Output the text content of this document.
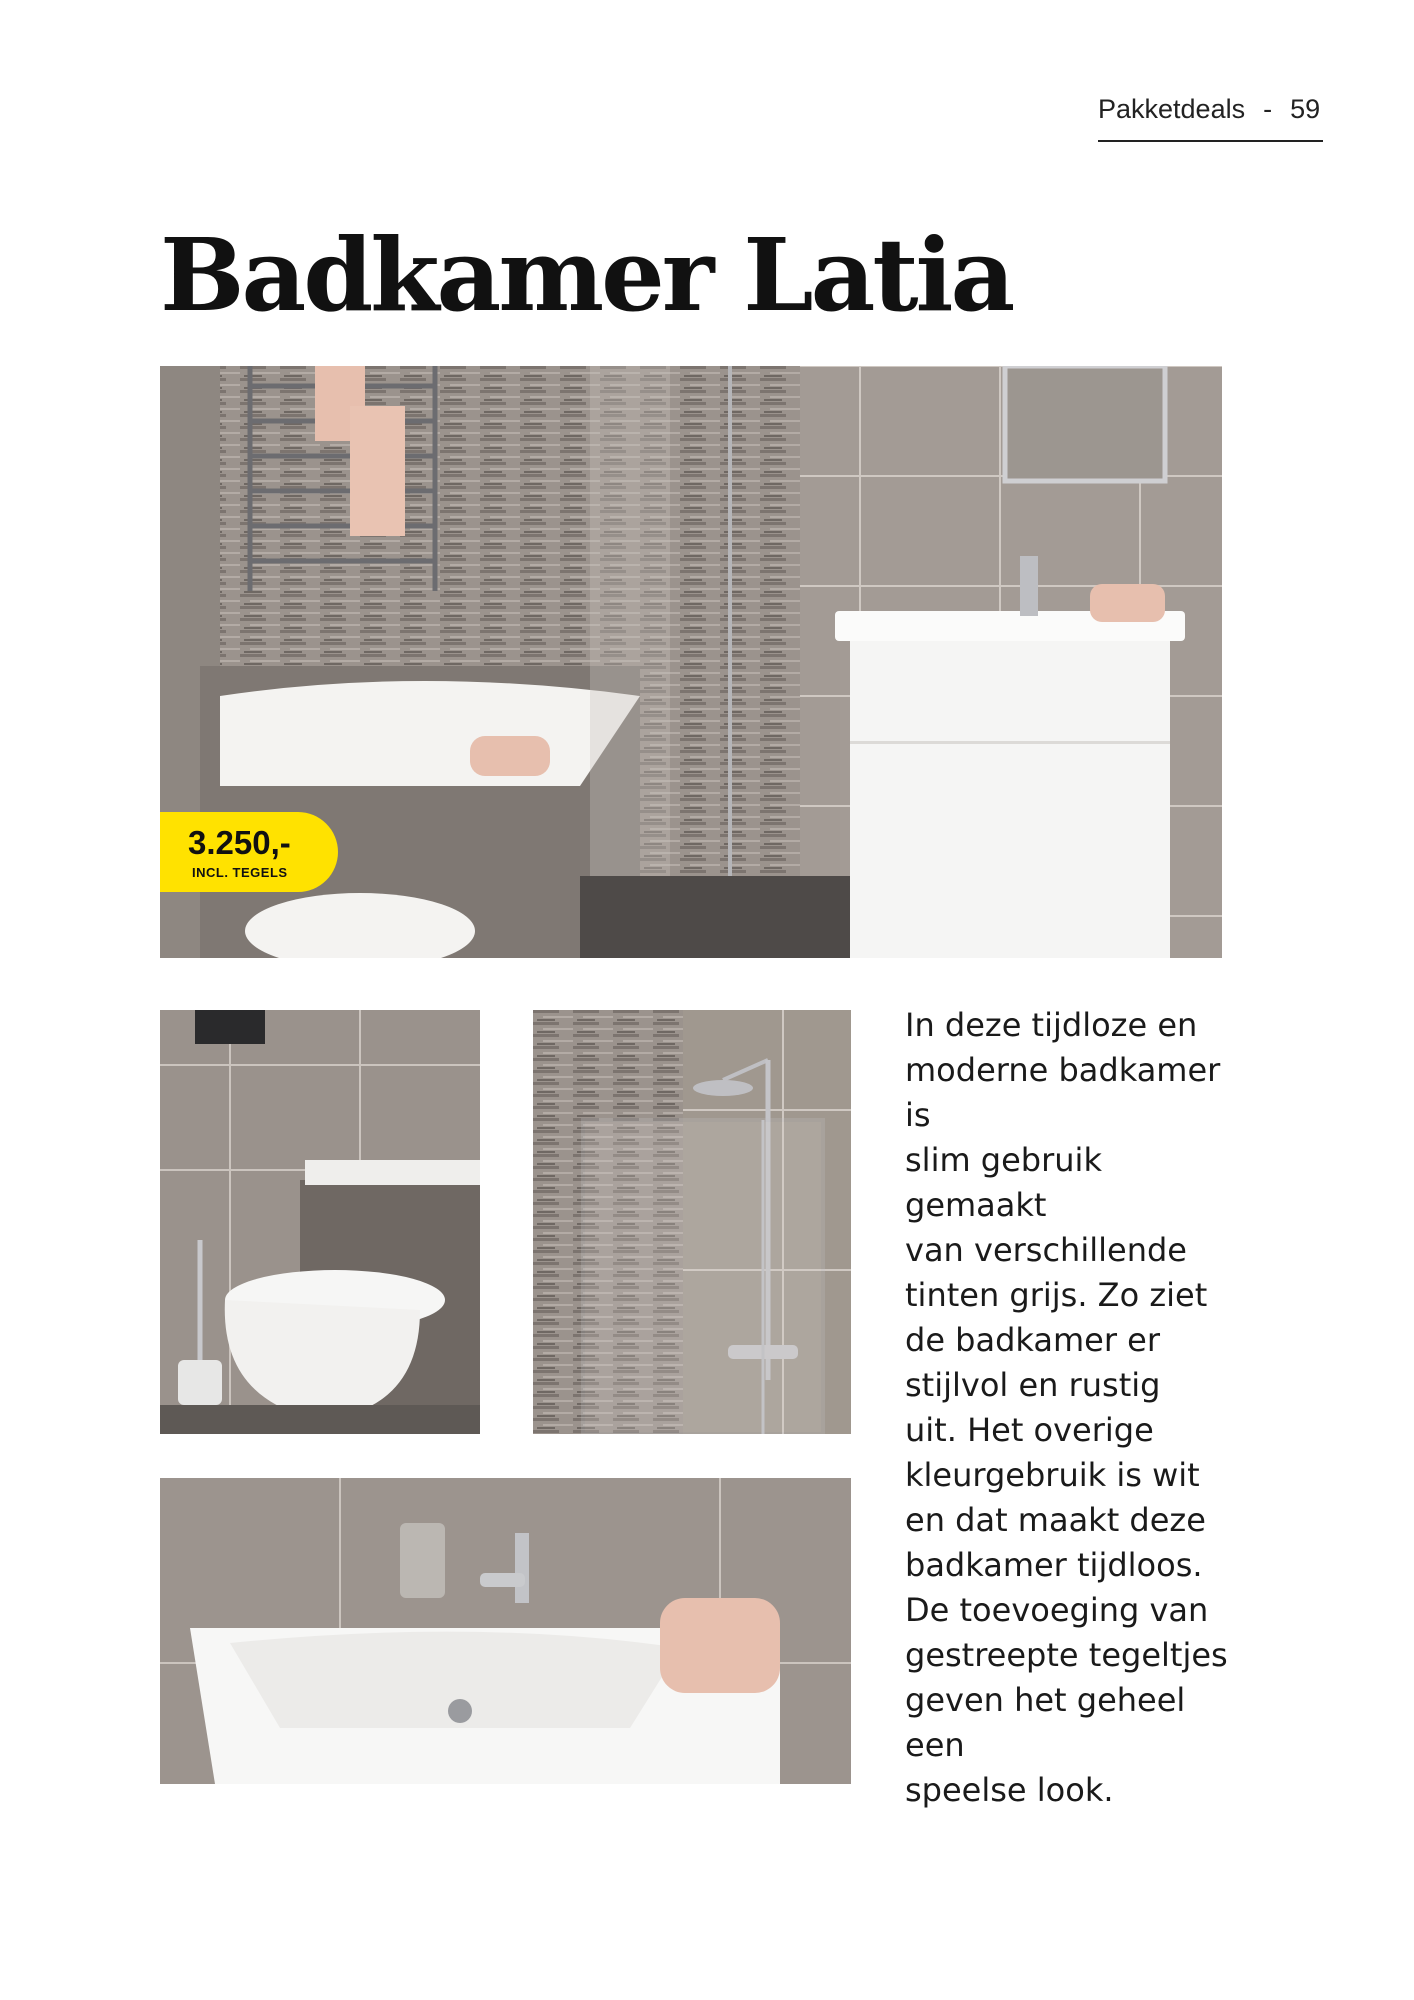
Pakketdeals - 59
Badkamer Latia
3.250,-
INCL. TEGELS

In deze tijdloze en
moderne badkamer is
slim gebruik gemaakt
van verschillende
tinten grijs. Zo ziet
de badkamer er
stijlvol en rustig
uit. Het overige
kleurgebruik is wit
en dat maakt deze
badkamer tijdloos.
De toevoeging van
gestreepte tegeltjes
geven het geheel een
speelse look.
